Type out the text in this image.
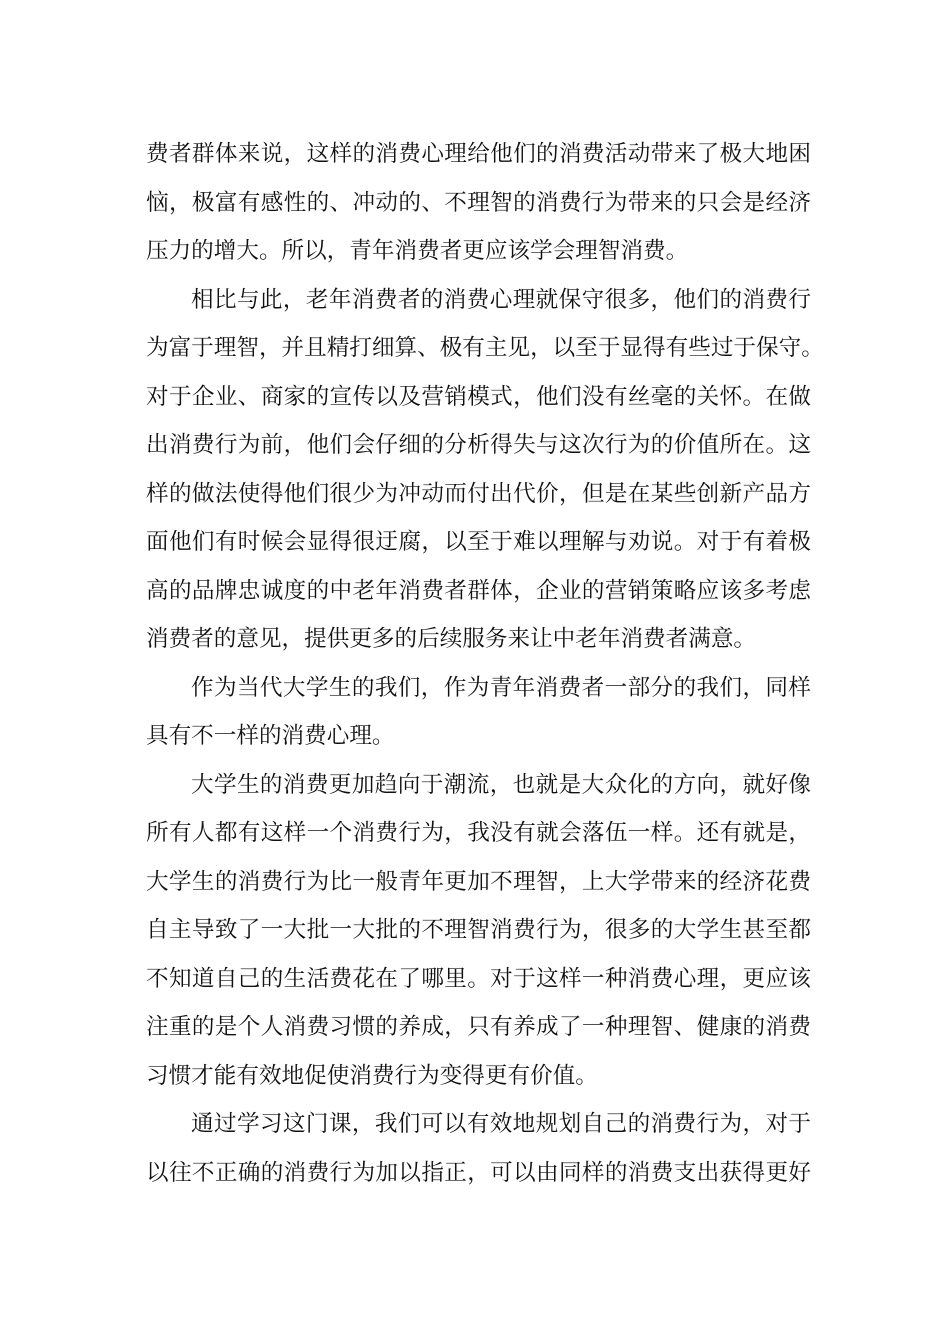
费者群体来说，这样的消费心理给他们的消费活动带来了极大地困
恼，极富有感性的、冲动的、不理智的消费行为带来的只会是经济
压力的增大。所以，青年消费者更应该学会理智消费。
相比与此，老年消费者的消费心理就保守很多，他们的消费行
为富于理智，并且精打细算、极有主见，以至于显得有些过于保守。
对于企业、商家的宣传以及营销模式，他们没有丝毫的关怀。在做
出消费行为前，他们会仔细的分析得失与这次行为的价值所在。这
样的做法使得他们很少为冲动而付出代价，但是在某些创新产品方
面他们有时候会显得很迂腐，以至于难以理解与劝说。对于有着极
高的品牌忠诚度的中老年消费者群体，企业的营销策略应该多考虑
消费者的意见，提供更多的后续服务来让中老年消费者满意。
作为当代大学生的我们，作为青年消费者一部分的我们，同样
具有不一样的消费心理。
大学生的消费更加趋向于潮流，也就是大众化的方向，就好像
所有人都有这样一个消费行为，我没有就会落伍一样。还有就是，
大学生的消费行为比一般青年更加不理智，上大学带来的经济花费
自主导致了一大批一大批的不理智消费行为，很多的大学生甚至都
不知道自己的生活费花在了哪里。对于这样一种消费心理，更应该
注重的是个人消费习惯的养成，只有养成了一种理智、健康的消费
习惯才能有效地促使消费行为变得更有价值。
通过学习这门课，我们可以有效地规划自己的消费行为，对于
以往不正确的消费行为加以指正，可以由同样的消费支出获得更好
